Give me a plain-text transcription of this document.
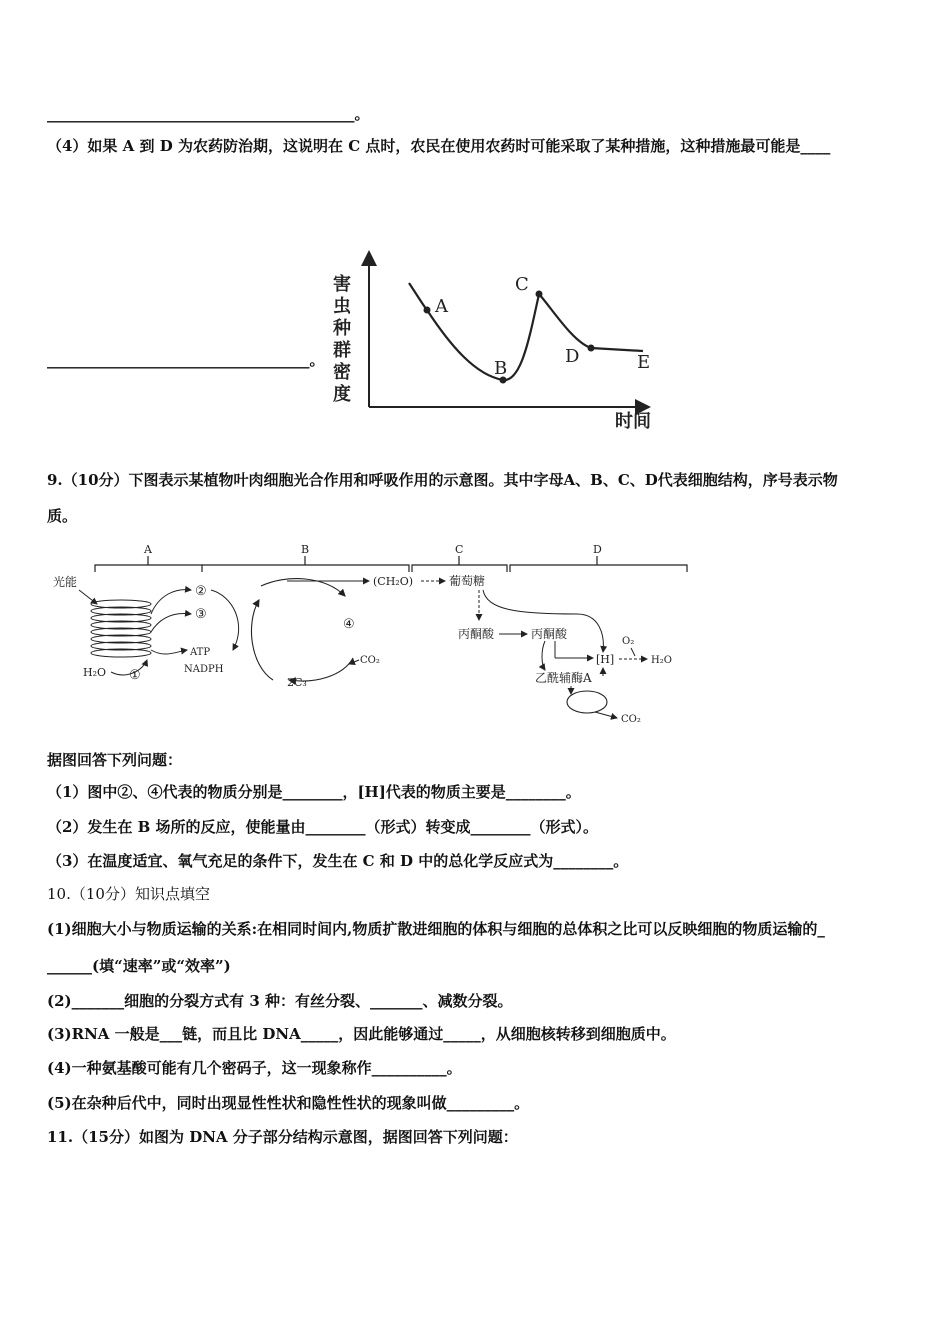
_________________________________________。
（4）如果 A 到 D 为农药防治期，这说明在 C 点时，农民在使用农药时可能采取了某种措施，这种措施最可能是____
___________________________________。
害
虫
种
群
密
度
时间
A
B
C
D	E
9.（10分）下图表示某植物叶肉细胞光合作用和呼吸作用的示意图。其中字母A、B、C、D代表细胞结构，序号表示物
质。
A	B	C	D
光能
H₂O ①
②
③
ATP
NADPH
(CH₂O)
④
2C₃
CO₂
葡萄糖
丙酮酸	丙酮酸
[H]
O₂
H₂O
乙酰辅酶A
CO₂
据图回答下列问题：
（1）图中②、④代表的物质分别是________，[H]代表的物质主要是________。
（2）发生在 B 场所的反应，使能量由________（形式）转变成________（形式）。
（3）在温度适宜、氧气充足的条件下，发生在 C 和 D 中的总化学反应式为________。
10.（10分）知识点填空
(1)细胞大小与物质运输的关系:在相同时间内,物质扩散进细胞的体积与细胞的总体积之比可以反映细胞的物质运输的_
______(填“速率”或“效率”)
(2)_______细胞的分裂方式有 3 种：有丝分裂、_______、减数分裂。
(3)RNA 一般是___链，而且比 DNA_____，因此能够通过_____，从细胞核转移到细胞质中。
(4)一种氨基酸可能有几个密码子，这一现象称作__________。
(5)在杂种后代中，同时出现显性性状和隐性性状的现象叫做_________。
11.（15分）如图为 DNA 分子部分结构示意图，据图回答下列问题：
